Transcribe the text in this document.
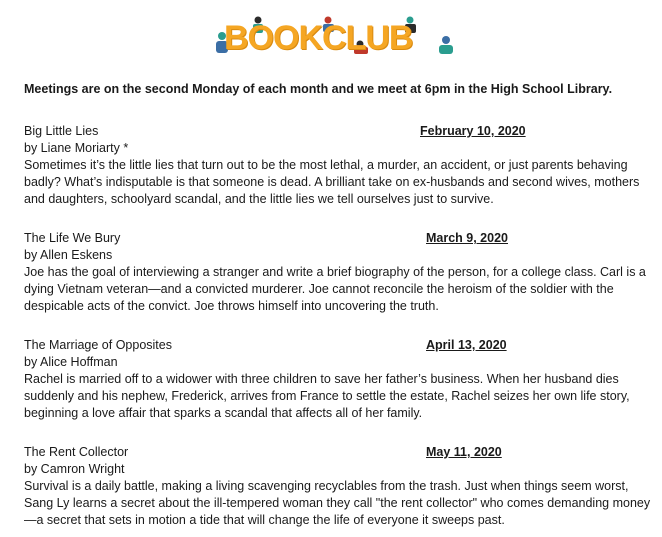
BOOKCLUB
Meetings are on the second Monday of each month and we meet at 6pm in the High School Library.
Big Little Lies	February 10, 2020
by Liane Moriarty *
Sometimes it’s the little lies that turn out to be the most lethal, a murder, an accident, or just parents behaving badly? What’s indisputable is that someone is dead. A brilliant take on ex-husbands and second wives, mothers and daughters, schoolyard scandal, and the little lies we tell ourselves just to survive.
The Life We Bury	March 9, 2020
by Allen Eskens
Joe has the goal of interviewing a stranger and write a brief biography of the person, for a college class. Carl is a dying Vietnam veteran—and a convicted murderer. Joe cannot reconcile the heroism of the soldier with the despicable acts of the convict. Joe throws himself into uncovering the truth.
The Marriage of Opposites	April 13, 2020
by Alice Hoffman
Rachel is married off to a widower with three children to save her father’s business. When her husband dies suddenly and his nephew, Frederick, arrives from France to settle the estate, Rachel seizes her own life story, beginning a love affair that sparks a scandal that affects all of her family.
The Rent Collector	May 11, 2020
by Camron Wright
Survival is a daily battle, making a living scavenging recyclables from the trash. Just when things seem worst, Sang Ly learns a secret about the ill-tempered woman they call "the rent collector" who comes demanding money—a secret that sets in motion a tide that will change the life of everyone it sweeps past.
